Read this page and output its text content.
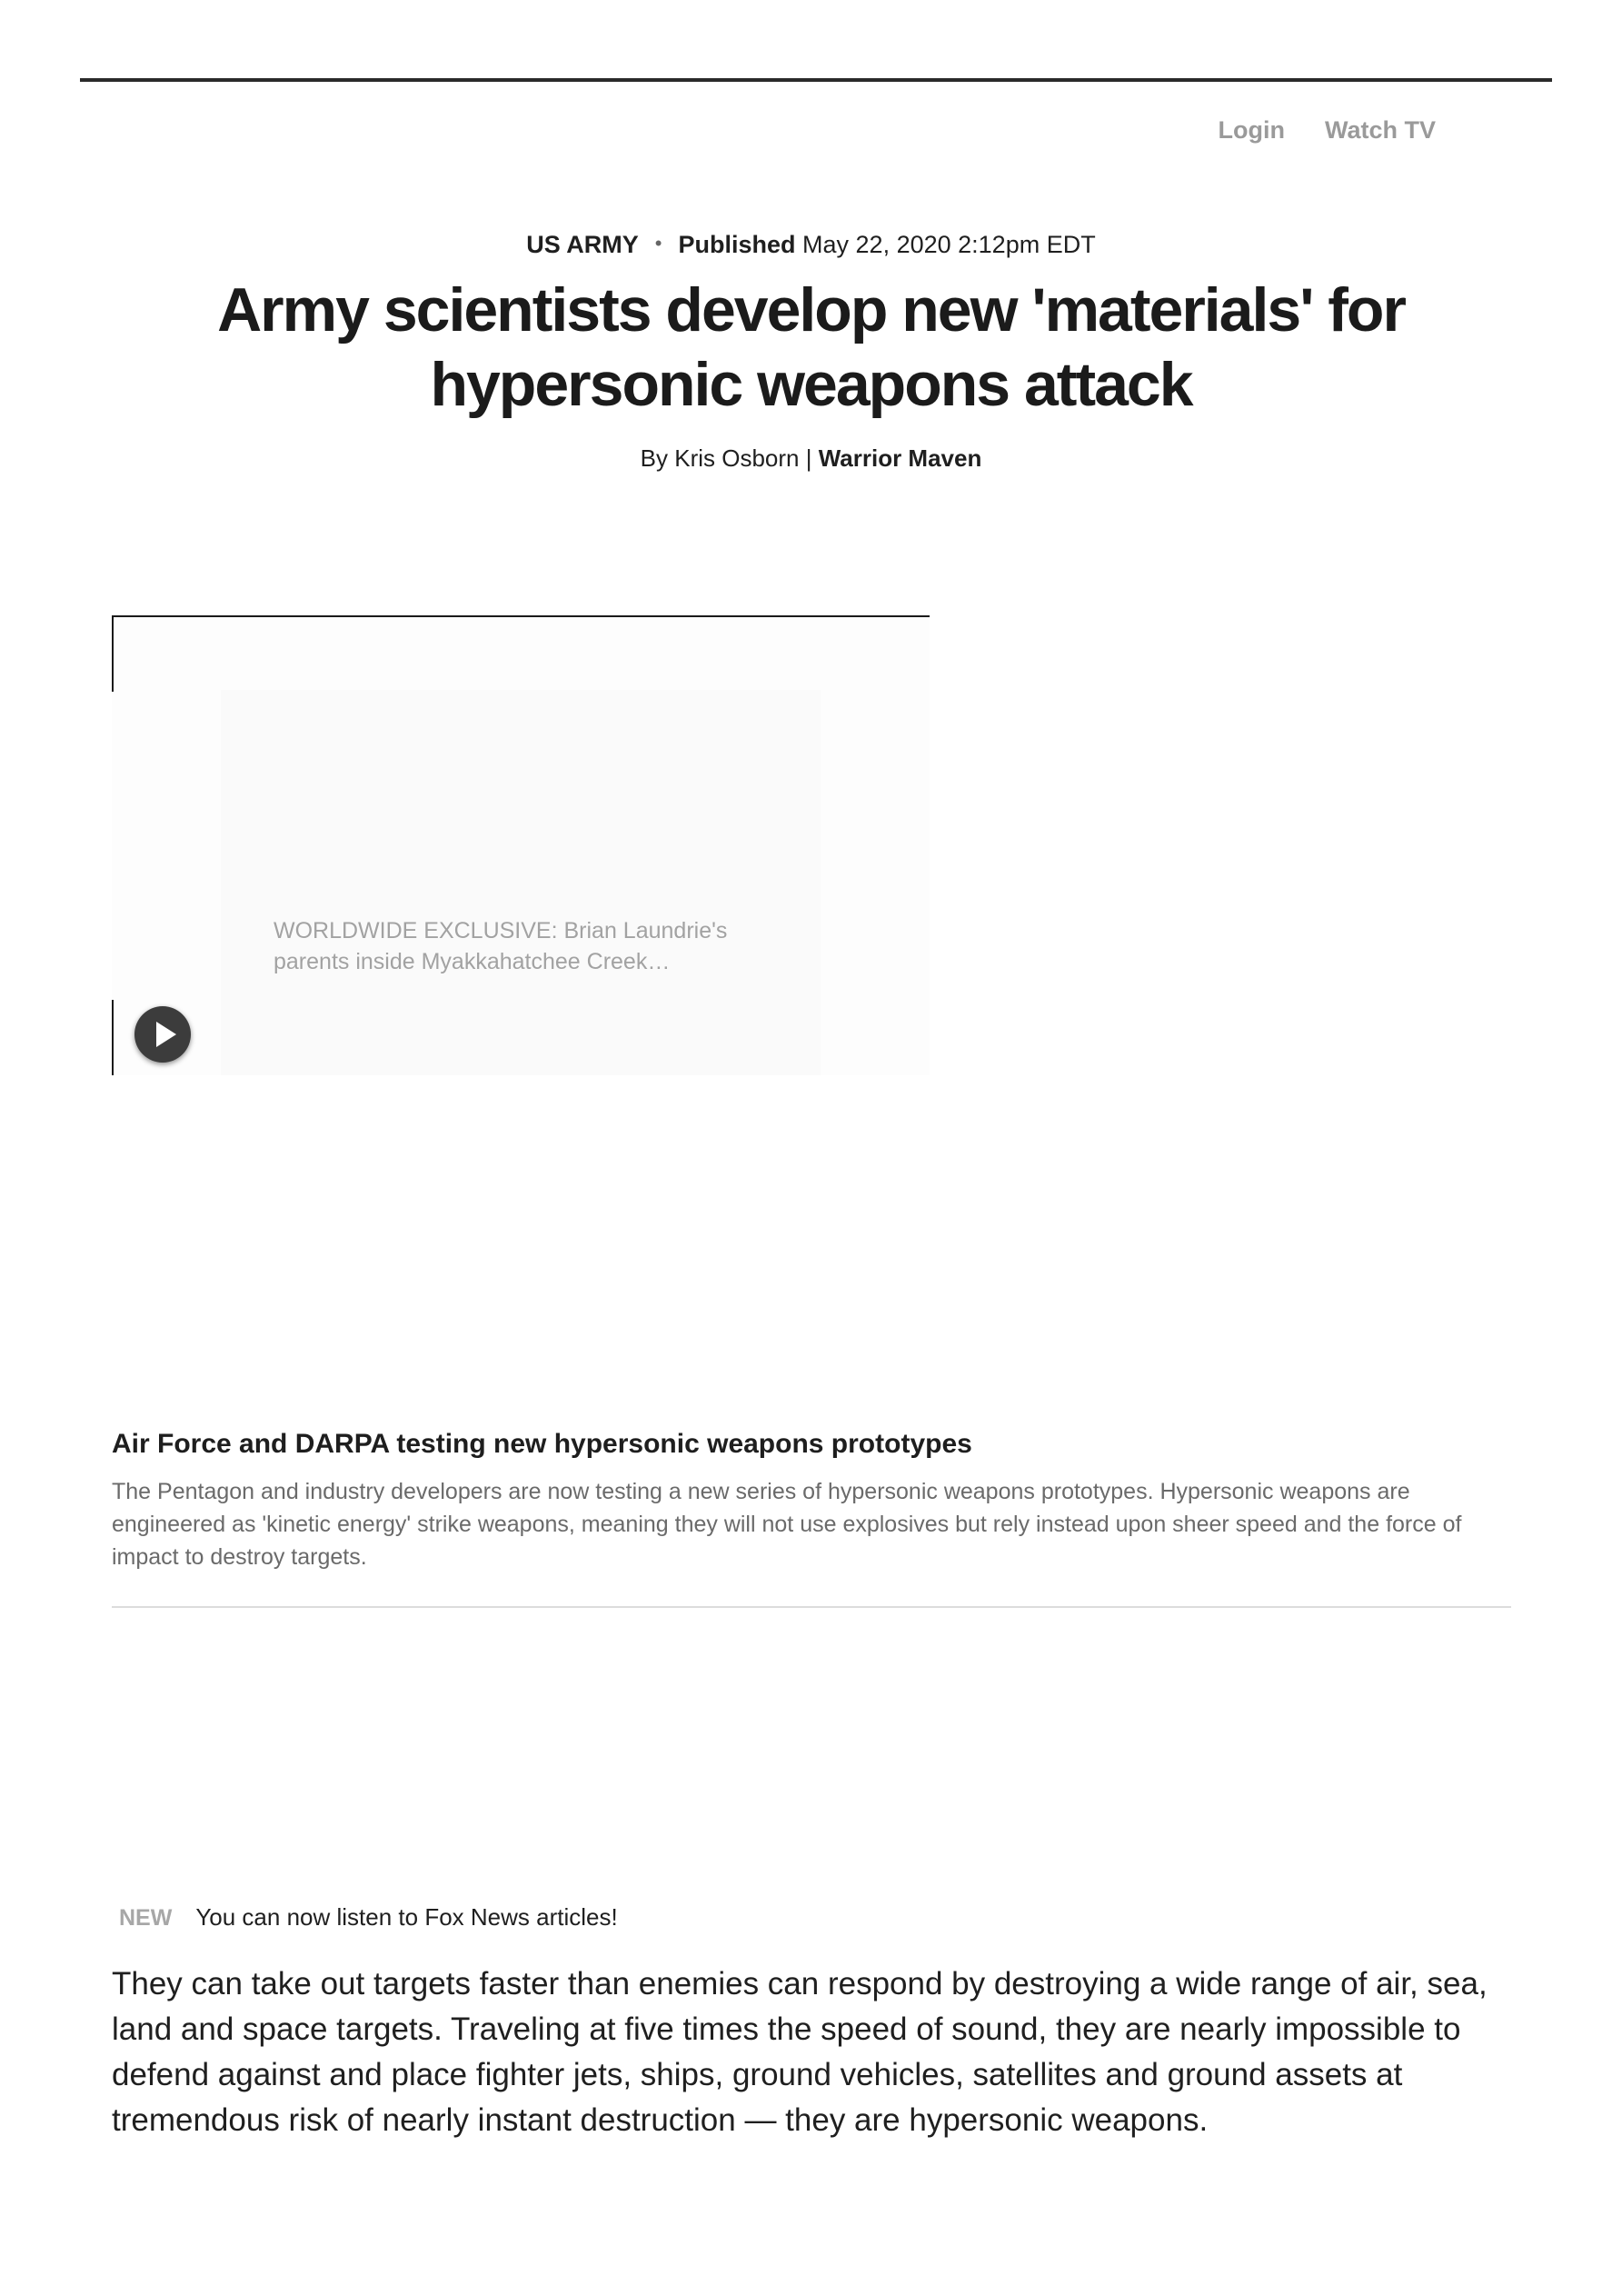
Login Watch TV
US ARMY • Published May 22, 2020 2:12pm EDT
Army scientists develop new 'materials' for hypersonic weapons attack
By Kris Osborn | Warrior Maven
WORLDWIDE EXCLUSIVE: Brian Laundrie's parents inside Myakkahatchee Creek…
Air Force and DARPA testing new hypersonic weapons prototypes
The Pentagon and industry developers are now testing a new series of hypersonic weapons prototypes. Hypersonic weapons are engineered as 'kinetic energy' strike weapons, meaning they will not use explosives but rely instead upon sheer speed and the force of impact to destroy targets.
NEW You can now listen to Fox News articles!

They can take out targets faster than enemies can respond by destroying a wide range of air, sea, land and space targets. Traveling at five times the speed of sound, they are nearly impossible to defend against and place fighter jets, ships, ground vehicles, satellites and ground assets at tremendous risk of nearly instant destruction — they are hypersonic weapons.
